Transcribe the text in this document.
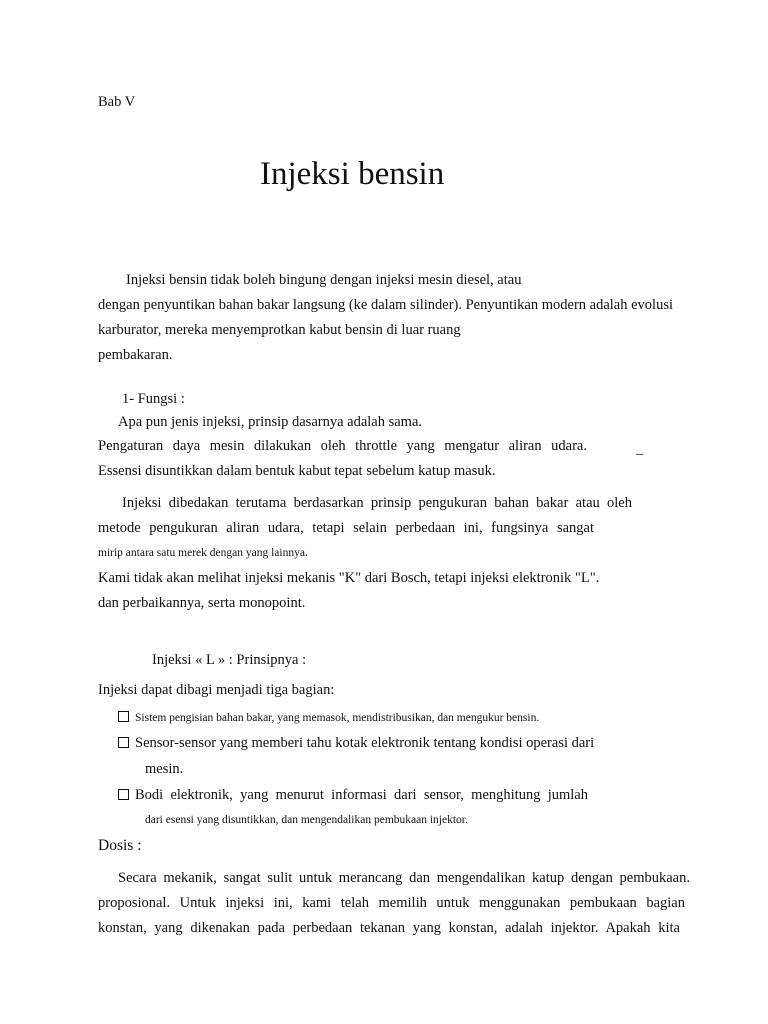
Bab V
Injeksi bensin
Injeksi bensin tidak boleh bingung dengan injeksi mesin diesel, atau
dengan penyuntikan bahan bakar langsung (ke dalam silinder). Penyuntikan modern adalah evolusi
karburator, mereka menyemprotkan kabut bensin di luar ruang
pembakaran.
1- Fungsi :
Apa pun jenis injeksi, prinsip dasarnya adalah sama.
Pengaturan daya mesin dilakukan oleh throttle yang mengatur aliran udara.	_
Essensi disuntikkan dalam bentuk kabut tepat sebelum katup masuk.
Injeksi dibedakan terutama berdasarkan prinsip pengukuran bahan bakar atau oleh
metode pengukuran aliran udara, tetapi selain perbedaan ini, fungsinya sangat
mirip antara satu merek dengan yang lainnya.
Kami tidak akan melihat injeksi mekanis "K" dari Bosch, tetapi injeksi elektronik "L".
dan perbaikannya, serta monopoint.
Injeksi « L » : Prinsipnya :
Injeksi dapat dibagi menjadi tiga bagian:
Sistem pengisian bahan bakar, yang memasok, mendistribusikan, dan mengukur bensin.
Sensor-sensor yang memberi tahu kotak elektronik tentang kondisi operasi dari
mesin.
Bodi elektronik, yang menurut informasi dari sensor, menghitung jumlah
dari esensi yang disuntikkan, dan mengendalikan pembukaan injektor.
Dosis :
Secara mekanik, sangat sulit untuk merancang dan mengendalikan katup dengan pembukaan.
proposional. Untuk injeksi ini, kami telah memilih untuk menggunakan pembukaan bagian
konstan, yang dikenakan pada perbedaan tekanan yang konstan, adalah injektor. Apakah kita
